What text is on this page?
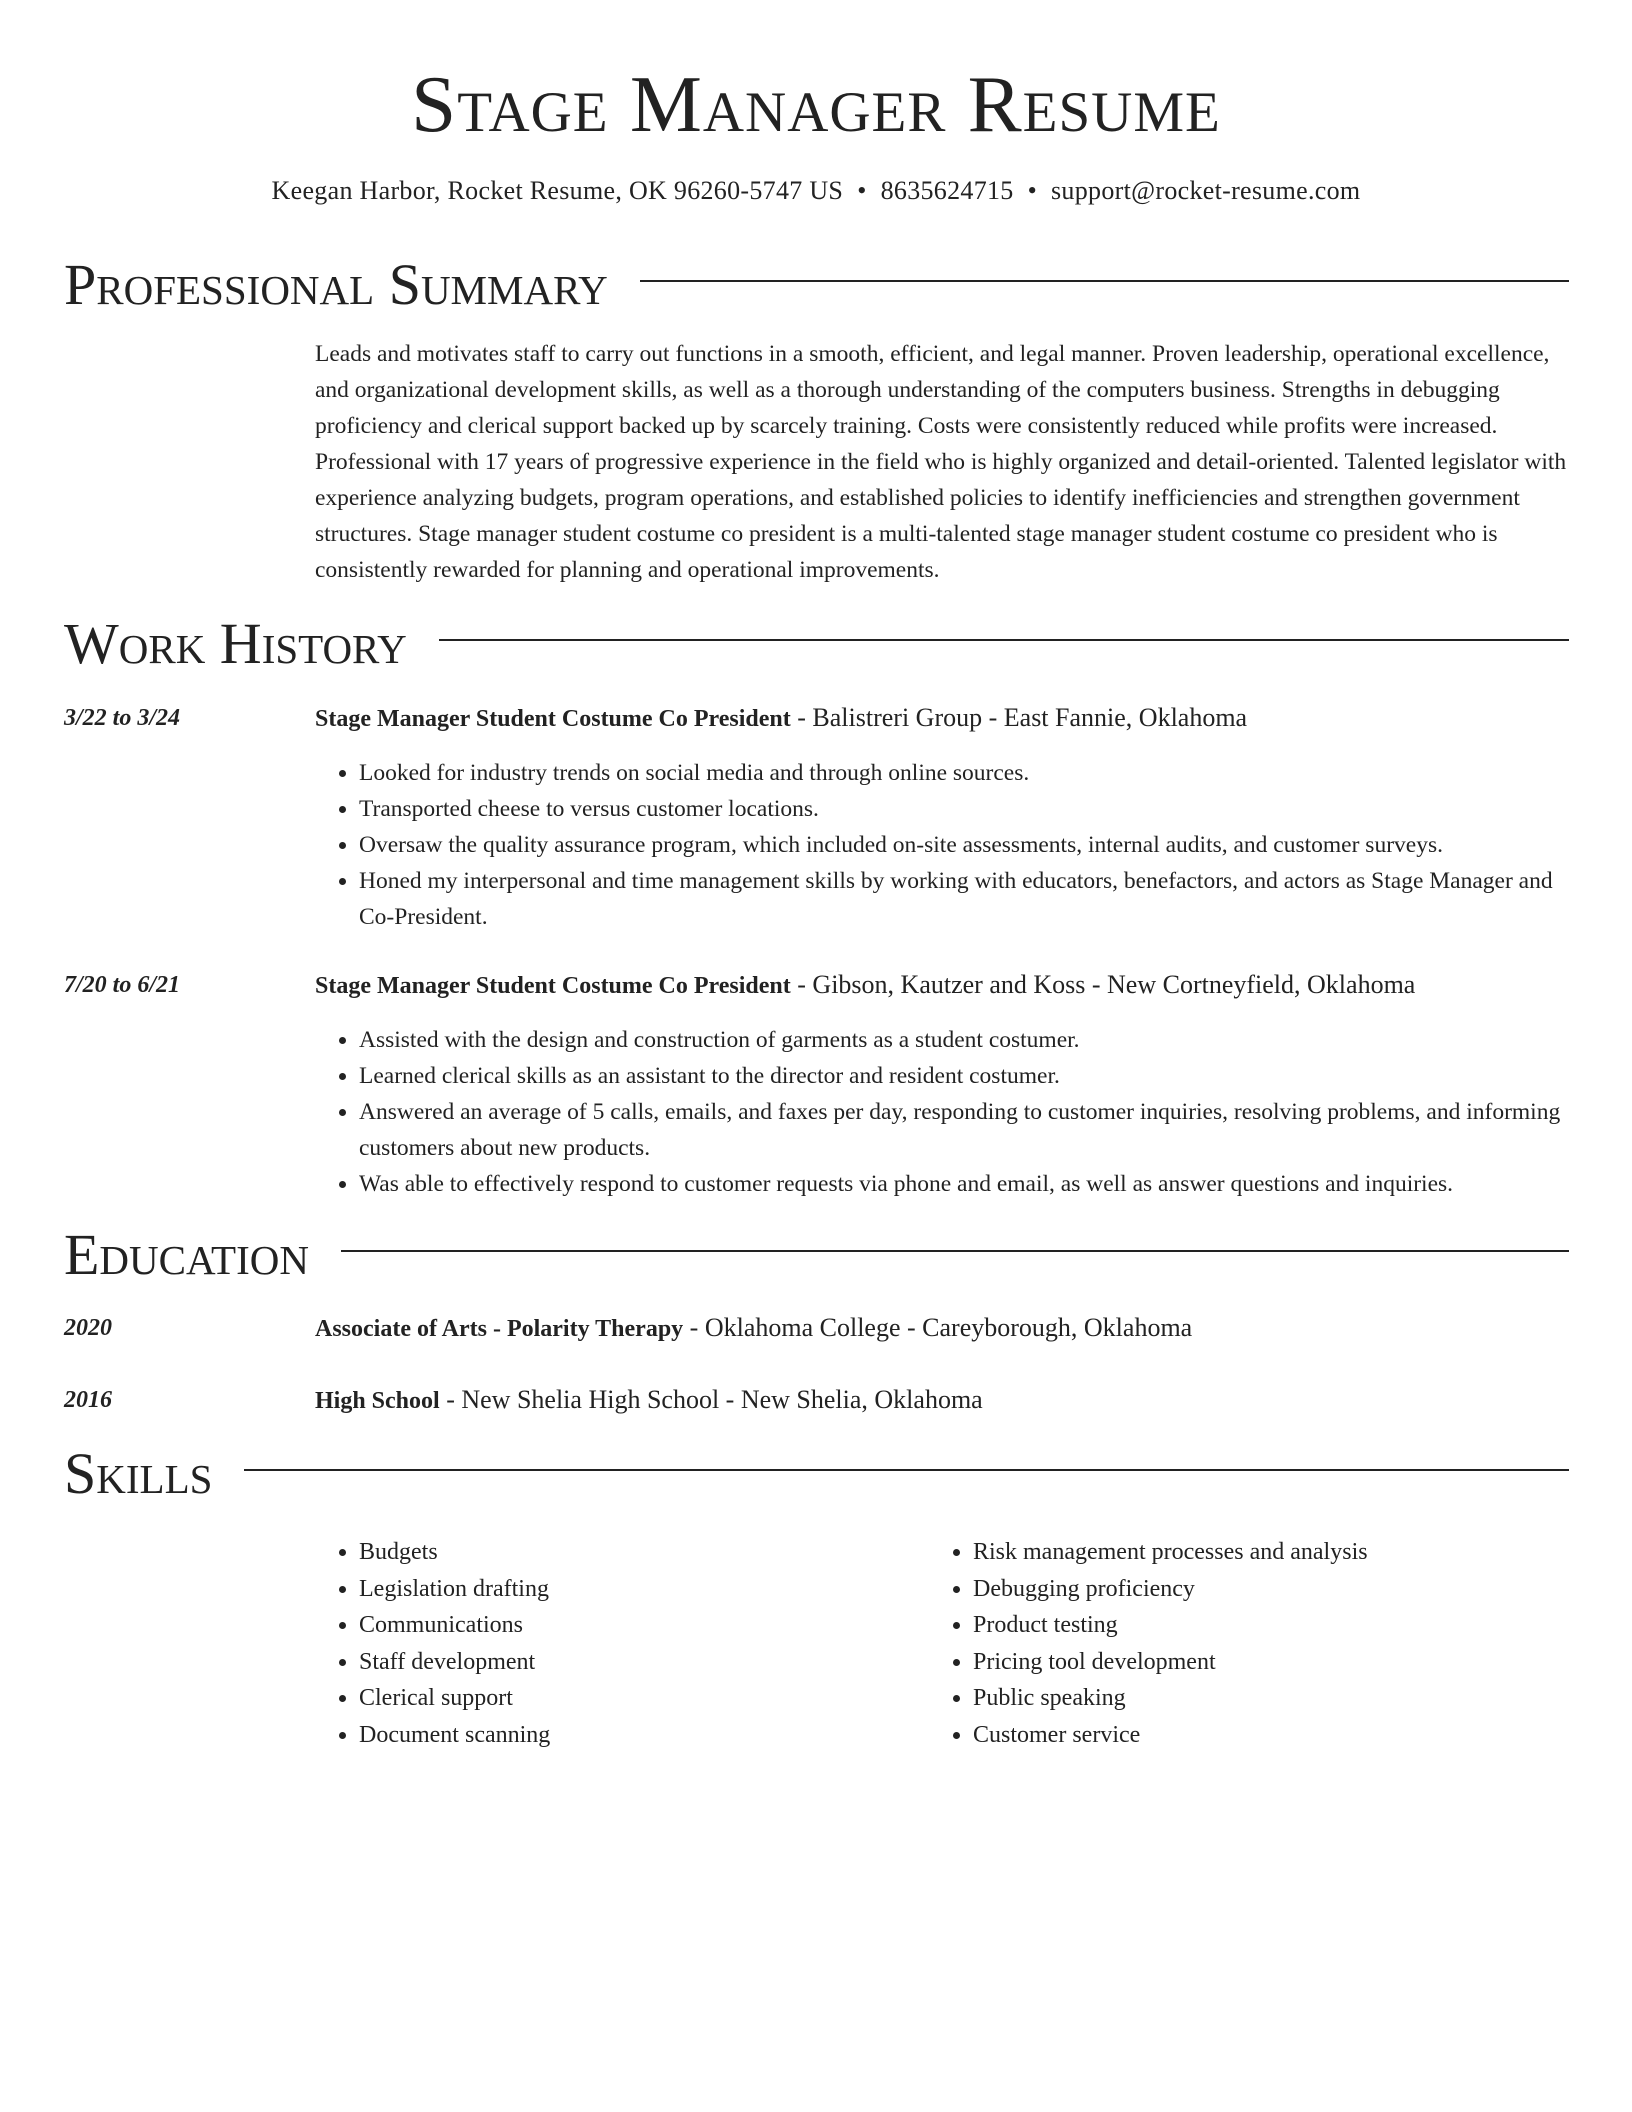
Stage Manager Resume
Keegan Harbor, Rocket Resume, OK 96260-5747 US • 8635624715 • support@rocket-resume.com
Professional Summary

Leads and motivates staff to carry out functions in a smooth, efficient, and legal manner. Proven leadership, operational excellence, and organizational development skills, as well as a thorough understanding of the computers business. Strengths in debugging proficiency and clerical support backed up by scarcely training. Costs were consistently reduced while profits were increased. Professional with 17 years of progressive experience in the field who is highly organized and detail-oriented. Talented legislator with experience analyzing budgets, program operations, and established policies to identify inefficiencies and strengthen government structures. Stage manager student costume co president is a multi-talented stage manager student costume co president who is consistently rewarded for planning and operational improvements.

Work History
3/22 to 3/24	Stage Manager Student Costume Co President - Balistreri Group - East Fannie, Oklahoma
• Looked for industry trends on social media and through online sources.
• Transported cheese to versus customer locations.
• Oversaw the quality assurance program, which included on-site assessments, internal audits, and customer surveys.
• Honed my interpersonal and time management skills by working with educators, benefactors, and actors as Stage Manager and Co-President.
7/20 to 6/21	Stage Manager Student Costume Co President - Gibson, Kautzer and Koss - New Cortneyfield, Oklahoma
• Assisted with the design and construction of garments as a student costumer.
• Learned clerical skills as an assistant to the director and resident costumer.
• Answered an average of 5 calls, emails, and faxes per day, responding to customer inquiries, resolving problems, and informing customers about new products.
• Was able to effectively respond to customer requests via phone and email, as well as answer questions and inquiries.
Education
2020	Associate of Arts - Polarity Therapy - Oklahoma College - Careyborough, Oklahoma
2016	High School - New Shelia High School - New Shelia, Oklahoma
Skills
• Budgets
• Legislation drafting
• Communications
• Staff development
• Clerical support
• Document scanning
• Risk management processes and analysis
• Debugging proficiency
• Product testing
• Pricing tool development
• Public speaking
• Customer service
